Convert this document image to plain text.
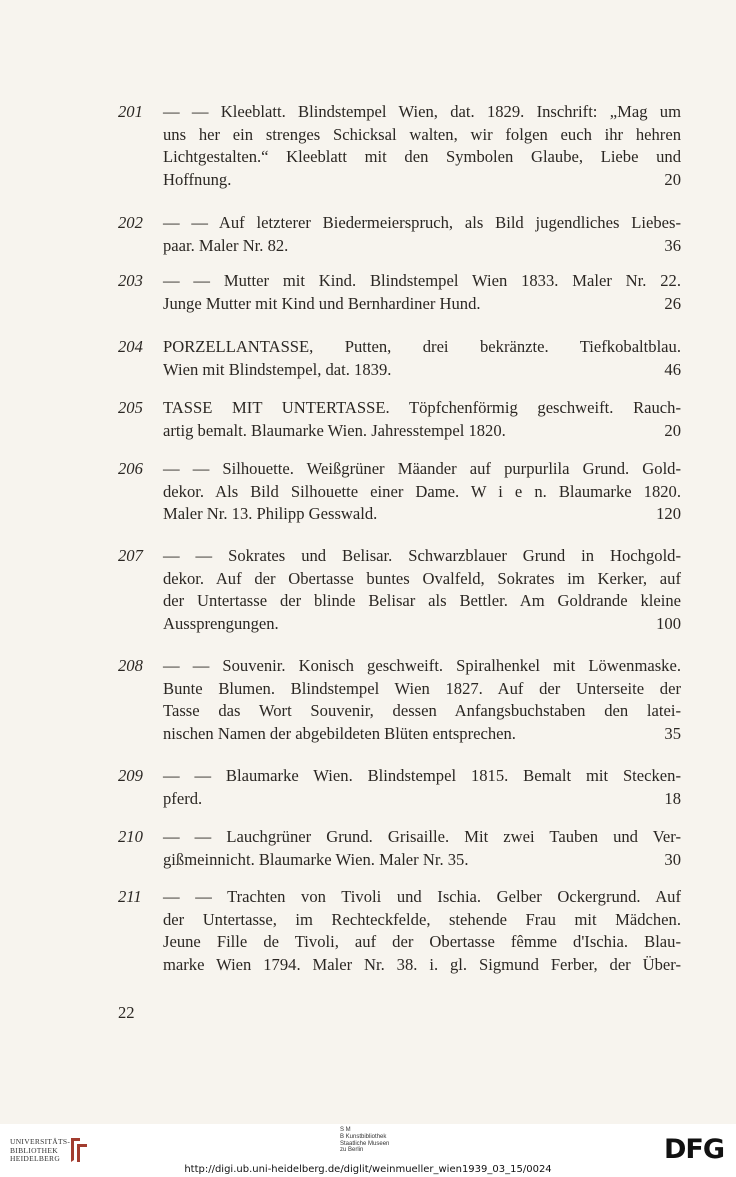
201	— — Kleeblatt. Blindstempel Wien, dat. 1829. Inschrift: „Mag um
uns her ein strenges Schicksal walten, wir folgen euch ihr hehren
Lichtgestalten.“ Kleeblatt mit den Symbolen Glaube, Liebe und
Hoffnung.	20
202	— — Auf letzterer Biedermeierspruch, als Bild jugendliches Liebes-
paar. Maler Nr. 82.	36
203	— — Mutter mit Kind. Blindstempel Wien 1833. Maler Nr. 22.
Junge Mutter mit Kind und Bernhardiner Hund.	26
204	PORZELLANTASSE, Putten, drei bekränzte. Tiefkobaltblau.
Wien mit Blindstempel, dat. 1839.	46
205	TASSE MIT UNTERTASSE. Töpfchenförmig geschweift. Rauch-
artig bemalt. Blaumarke Wien. Jahresstempel 1820.	20
206	— — Silhouette. Weißgrüner Mäander auf purpurlila Grund. Gold-
dekor. Als Bild Silhouette einer Dame. W i e n. Blaumarke 1820.
Maler Nr. 13. Philipp Gesswald.	120
207	— — Sokrates und Belisar. Schwarzblauer Grund in Hochgold-
dekor. Auf der Obertasse buntes Ovalfeld, Sokrates im Kerker, auf
der Untertasse der blinde Belisar als Bettler. Am Goldrande kleine
Aussprengungen.	100
208	— — Souvenir. Konisch geschweift. Spiralhenkel mit Löwenmaske.
Bunte Blumen. Blindstempel Wien 1827. Auf der Unterseite der
Tasse das Wort Souvenir, dessen Anfangsbuchstaben den latei-
nischen Namen der abgebildeten Blüten entsprechen.	35
209	— — Blaumarke Wien. Blindstempel 1815. Bemalt mit Stecken-
pferd.	18
210	— — Lauchgrüner Grund. Grisaille. Mit zwei Tauben und Ver-
gißmeinnicht. Blaumarke Wien. Maler Nr. 35.	30
211	— — Trachten von Tivoli und Ischia. Gelber Ockergrund. Auf
der Untertasse, im Rechteckfelde, stehende Frau mit Mädchen.
Jeune Fille de Tivoli, auf der Obertasse fêmme d'Ischia. Blau-
marke Wien 1794. Maler Nr. 38. i. gl. Sigmund Ferber, der Über-
22
UNIVERSITÄTS-
BIBLIOTHEK
HEIDELBERG
S M
B Kunstbibliothek
Staatliche Museen
zu Berlin
http://digi.ub.uni-heidelberg.de/diglit/weinmueller_wien1939_03_15/0024
DFG
